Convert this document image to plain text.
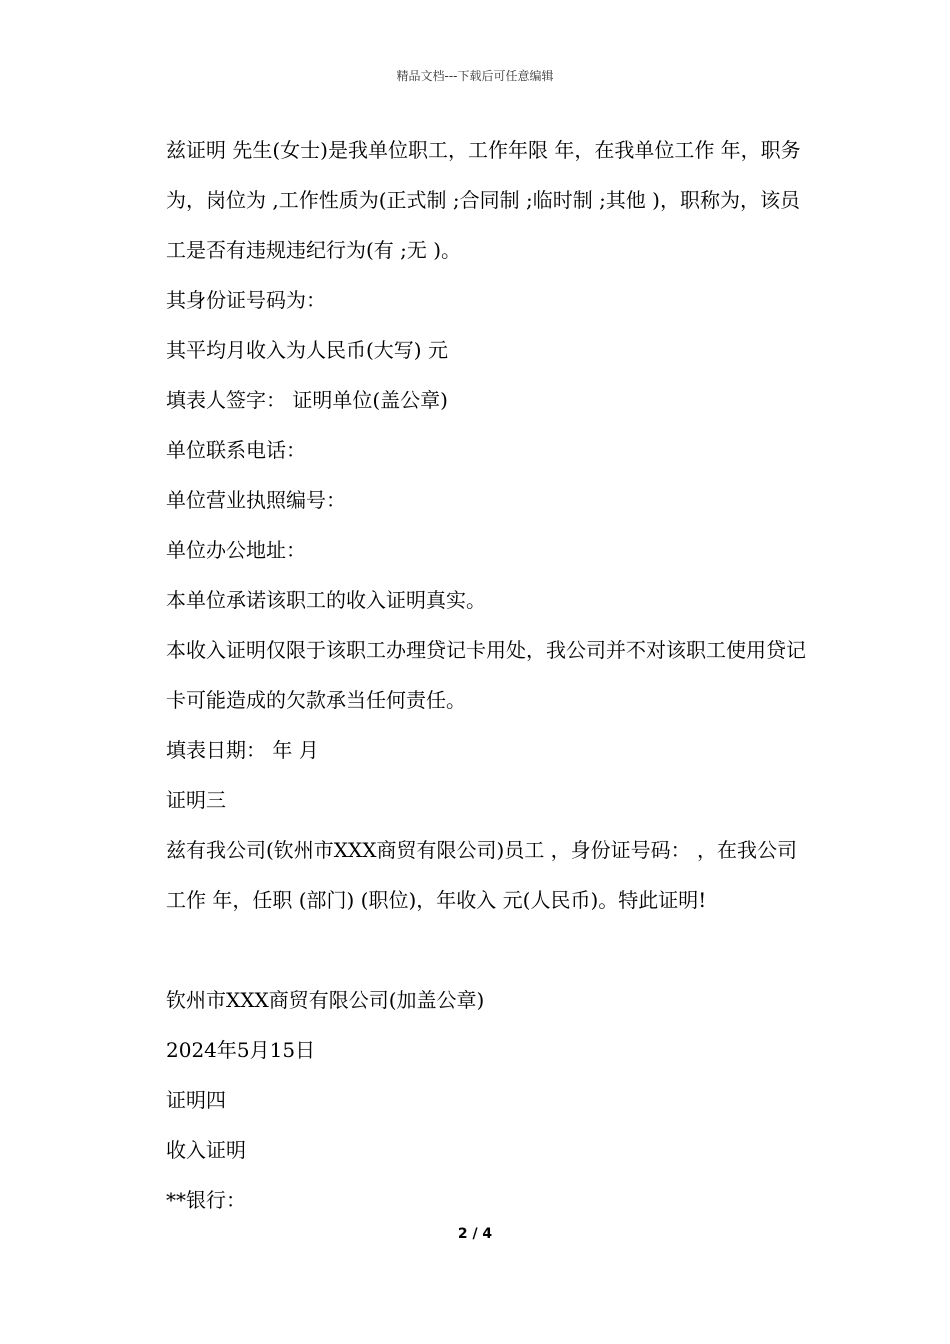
精品文档---下载后可任意编辑

兹证明 先生(女士)是我单位职工，工作年限 年，在我单位工作 年，职务为，岗位为 ,工作性质为(正式制 ;合同制 ;临时制 ;其他 )，职称为，该员工是否有违规违纪行为(有 ;无 )。

其身份证号码为：

其平均月收入为人民币(大写) 元

填表人签字： 证明单位(盖公章)

单位联系电话：

单位营业执照编号：

单位办公地址：

本单位承诺该职工的收入证明真实。

本收入证明仅限于该职工办理贷记卡用处，我公司并不对该职工使用贷记卡可能造成的欠款承当任何责任。

填表日期： 年 月

证明三

兹有我公司(钦州市XXX商贸有限公司)员工 ，身份证号码： ，在我公司工作 年，任职 (部门) (职位)，年收入 元(人民币)。特此证明!

钦州市XXX商贸有限公司(加盖公章)

2024年5月15日

证明四

收入证明

**银行：

2 / 4
